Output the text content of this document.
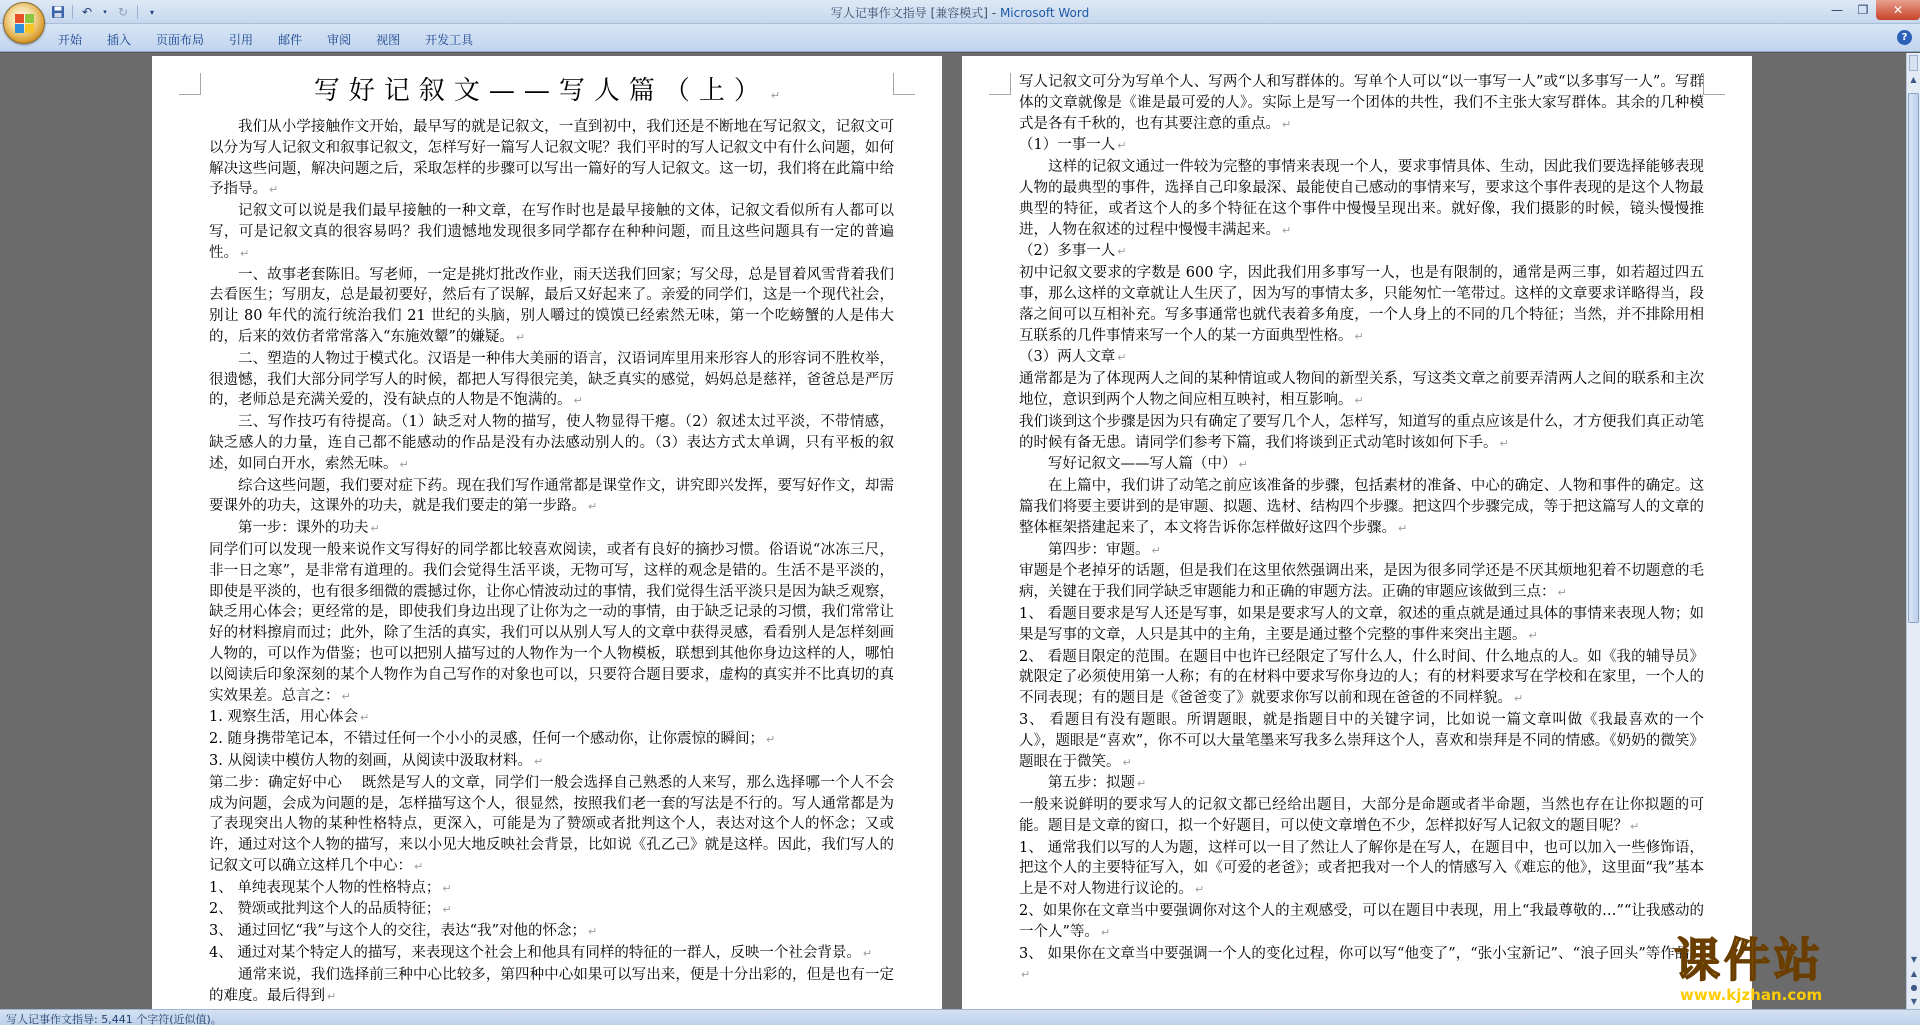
↶	▾ ↻	▾	写人记事作文指导 [兼容模式] - Microsoft Word	—	❐	✕
开始 插入 页面布局 引用 邮件 审阅 视图 开发工具	?

写好记叙文——写人篇（上） ↵

我们从小学接触作文开始，最早写的就是记叙文，一直到初中，我们还是不断地在写记叙文，记叙文可以分为写人记叙文和叙事记叙文，怎样写好一篇写人记叙文呢？我们平时的写人记叙文中有什么问题，如何解决这些问题，解决问题之后，采取怎样的步骤可以写出一篇好的写人记叙文。这一切，我们将在此篇中给予指导。 ↵

记叙文可以说是我们最早接触的一种文章，在写作时也是最早接触的文体，记叙文看似所有人都可以写，可是记叙文真的很容易吗？我们遗憾地发现很多同学都存在种种问题，而且这些问题具有一定的普遍性。 ↵

一、故事老套陈旧。写老师，一定是挑灯批改作业，雨天送我们回家；写父母，总是冒着风雪背着我们去看医生；写朋友，总是最初要好，然后有了误解，最后又好起来了。亲爱的同学们，这是一个现代社会，别让 80 年代的流行统治我们 21 世纪的头脑，别人嚼过的馍馍已经索然无味，第一个吃螃蟹的人是伟大的，后来的效仿者常常落入“东施效颦”的嫌疑。 ↵

二、塑造的人物过于模式化。汉语是一种伟大美丽的语言，汉语词库里用来形容人的形容词不胜枚举，很遗憾，我们大部分同学写人的时候，都把人写得很完美，缺乏真实的感觉，妈妈总是慈祥，爸爸总是严厉的，老师总是充满关爱的，没有缺点的人物是不饱满的。 ↵

三、写作技巧有待提高。（1）缺乏对人物的描写，使人物显得干瘪。（2）叙述太过平淡，不带情感，缺乏感人的力量，连自己都不能感动的作品是没有办法感动别人的。（3）表达方式太单调，只有平板的叙述，如同白开水，索然无味。 ↵

综合这些问题，我们要对症下药。现在我们写作通常都是课堂作文，讲究即兴发挥，要写好作文，却需要课外的功夫，这课外的功夫，就是我们要走的第一步路。 ↵

第一步：课外的功夫 ↵

同学们可以发现一般来说作文写得好的同学都比较喜欢阅读，或者有良好的摘抄习惯。俗语说“冰冻三尺，非一日之寒”，是非常有道理的。我们会觉得生活平谈，无物可写，这样的观念是错的。生活不是平淡的，即使是平淡的，也有很多细微的震撼过你，让你心情波动过的事情，我们觉得生活平淡只是因为缺乏观察，缺乏用心体会；更经常的是，即使我们身边出现了让你为之一动的事情，由于缺乏记录的习惯，我们常常让好的材料擦肩而过；此外，除了生活的真实，我们可以从别人写人的文章中获得灵感，看看别人是怎样刻画人物的，可以作为借鉴；也可以把别人描写过的人物作为一个人物模板，联想到其他你身边这样的人，哪怕以阅读后印象深刻的某个人物作为自己写作的对象也可以，只要符合题目要求，虚构的真实并不比真切的真实效果差。总言之： ↵

1. 观察生活，用心体会 ↵

2. 随身携带笔记本，不错过任何一个小小的灵感，任何一个感动你，让你震惊的瞬间； ↵

3. 从阅读中模仿人物的刻画，从阅读中汲取材料。 ↵

第二步：确定好中心　 既然是写人的文章，同学们一般会选择自己熟悉的人来写，那么选择哪一个人不会成为问题，会成为问题的是，怎样描写这个人，很显然，按照我们老一套的写法是不行的。写人通常都是为了表现突出人物的某种性格特点，更深入，可能是为了赞颂或者批判这个人，表达对这个人的怀念；又或许，通过对这个人物的描写，来以小见大地反映社会背景，比如说《孔乙己》就是这样。因此，我们写人的记叙文可以确立这样几个中心： ↵

1、 单纯表现某个人物的性格特点； ↵

2、 赞颂或批判这个人的品质特征； ↵

3、 通过回忆“我”与这个人的交往，表达“我”对他的怀念； ↵

4、 通过对某个特定人的描写，来表现这个社会上和他具有同样的特征的一群人，反映一个社会背景。 ↵

通常来说，我们选择前三种中心比较多，第四种中心如果可以写出来，便是十分出彩的，但是也有一定的难度。最后得到 ↵

写人记叙文可分为写单个人、写两个人和写群体的。写单个人可以“以一事写一人”或“以多事写一人”。写群体的文章就像是《谁是最可爱的人》。实际上是写一个团体的共性，我们不主张大家写群体。其余的几种模式是各有千秋的，也有其要注意的重点。 ↵

（1）一事一人 ↵

这样的记叙文通过一件较为完整的事情来表现一个人，要求事情具体、生动，因此我们要选择能够表现人物的最典型的事件，选择自己印象最深、最能使自己感动的事情来写，要求这个事件表现的是这个人物最典型的特征，或者这个人的多个特征在这个事件中慢慢呈现出来。就好像，我们摄影的时候，镜头慢慢推进，人物在叙述的过程中慢慢丰满起来。 ↵

（2）多事一人 ↵

初中记叙文要求的字数是 600 字，因此我们用多事写一人，也是有限制的，通常是两三事，如若超过四五事，那么这样的文章就让人生厌了，因为写的事情太多，只能匆忙一笔带过。这样的文章要求详略得当，段落之间可以互相补充。写多事通常也就代表着多角度，一个人身上的不同的几个特征；当然，并不排除用相互联系的几件事情来写一个人的某一方面典型性格。 ↵

（3）两人文章 ↵

通常都是为了体现两人之间的某种情谊或人物间的新型关系，写这类文章之前要弄清两人之间的联系和主次地位，意识到两个人物之间应相互映衬，相互影响。 ↵

我们谈到这个步骤是因为只有确定了要写几个人，怎样写，知道写的重点应该是什么，才方便我们真正动笔的时候有备无患。请同学们参考下篇，我们将谈到正式动笔时该如何下手。 ↵

写好记叙文——写人篇（中） ↵

在上篇中，我们讲了动笔之前应该准备的步骤，包括素材的准备、中心的确定、人物和事件的确定。这篇我们将要主要讲到的是审题、拟题、选材、结构四个步骤。把这四个步骤完成，等于把这篇写人的文章的整体框架搭建起来了，本文将告诉你怎样做好这四个步骤。 ↵

第四步：审题。 ↵

审题是个老掉牙的话题，但是我们在这里依然强调出来，是因为很多同学还是不厌其烦地犯着不切题意的毛病，关键在于我们同学缺乏审题能力和正确的审题方法。正确的审题应该做到三点： ↵

1、 看题目要求是写人还是写事，如果是要求写人的文章，叙述的重点就是通过具体的事情来表现人物；如果是写事的文章，人只是其中的主角，主要是通过整个完整的事件来突出主题。 ↵

2、 看题目限定的范围。在题目中也许已经限定了写什么人，什么时间、什么地点的人。如《我的辅导员》就限定了必须使用第一人称；有的在材料中要求写你身边的人；有的材料要求写在学校和在家里，一个人的不同表现；有的题目是《爸爸变了》就要求你写以前和现在爸爸的不同样貌。 ↵

3、 看题目有没有题眼。所谓题眼，就是指题目中的关键字词，比如说一篇文章叫做《我最喜欢的一个人》，题眼是“喜欢”，你不可以大量笔墨来写我多么崇拜这个人，喜欢和崇拜是不同的情感。《奶奶的微笑》题眼在于微笑。 ↵

第五步：拟题 ↵

一般来说鲜明的要求写人的记叙文都已经给出题目，大部分是命题或者半命题，当然也存在让你拟题的可能。题目是文章的窗口，拟一个好题目，可以使文章增色不少，怎样拟好写人记叙文的题目呢？ ↵

1、 通常我们以写的人为题，这样可以一目了然让人了解你是在写人，在题目中，也可以加入一些修饰语，把这个人的主要特征写入，如《可爱的老爸》；或者把我对一个人的情感写入《难忘的他》，这里面“我”基本上是不对人物进行议论的。 ↵

2、如果你在文章当中要强调你对这个人的主观感受，可以在题目中表现，用上“我最尊敬的…”“让我感动的一个人”等。 ↵

3、 如果你在文章当中要强调一个人的变化过程，你可以写“他变了”，“张小宝新记”、“浪子回头”等作品。↵

▲
▼
▲
●
▼
写人记事作文指导: 5,441 个字符(近似值)。
课件站
www.kjzhan.com
